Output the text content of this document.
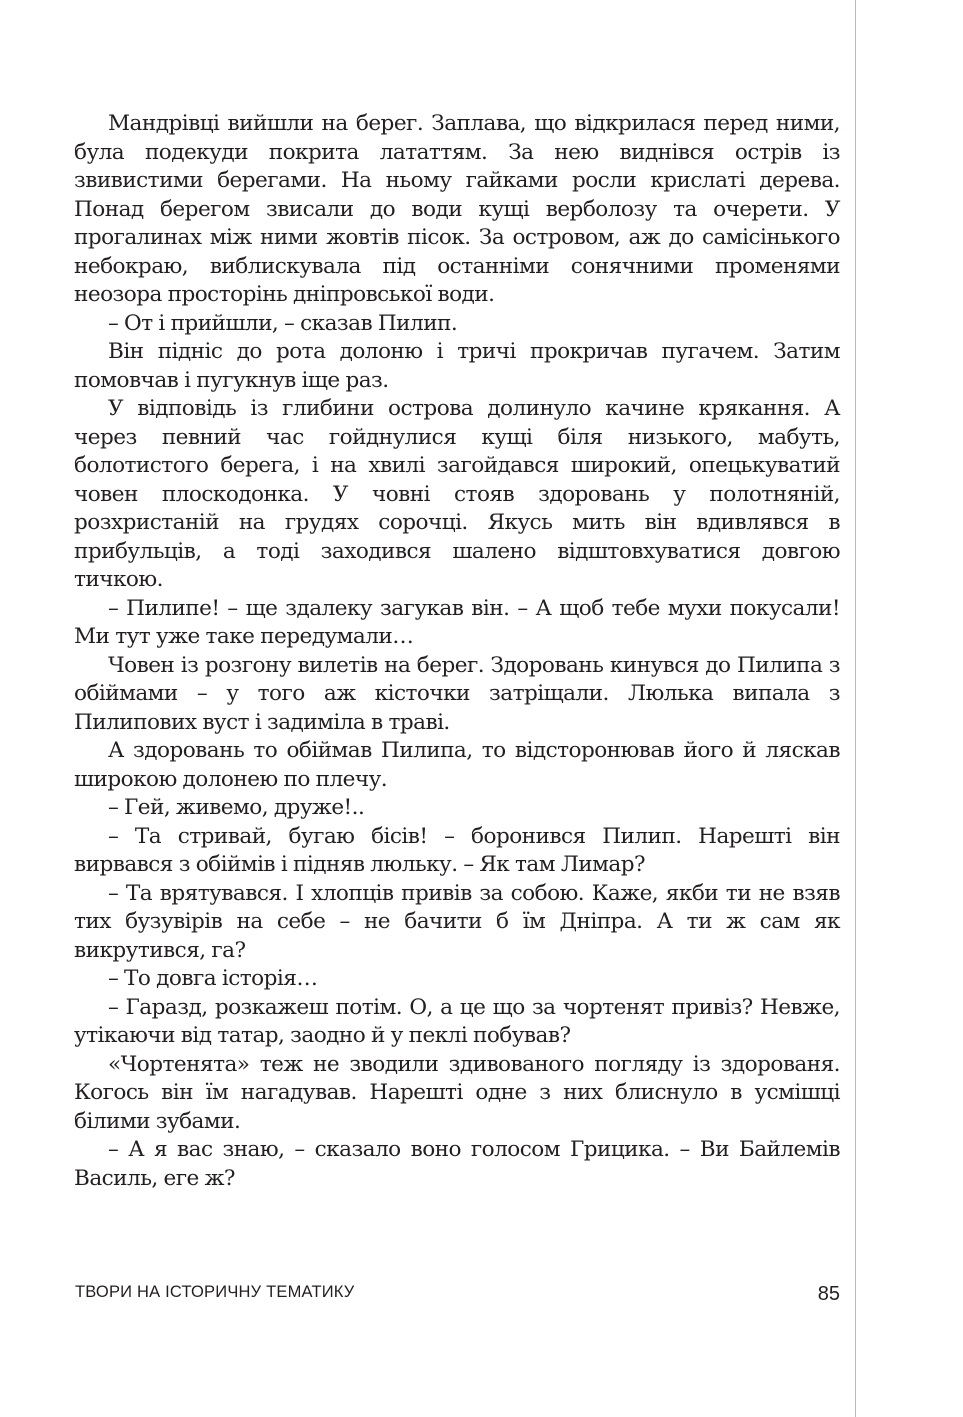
Мандрівці вийшли на берег. Заплава, що відкрилася перед ними, була подекуди покрита лататтям. За нею виднівся острів із звивистими берегами. На ньому гайками росли крислаті дерева. Понад берегом звисали до води кущі верболозу та очерети. У прогалинах між ними жовтів пісок. За островом, аж до самісінького небокраю, виблискувала під останніми сонячними променями неозора просторінь дніпровської води.

– От і прийшли, – сказав Пилип.

Він підніс до рота долоню і тричі прокричав пугачем. Затим помовчав і пугукнув іще раз.

У відповідь із глибини острова долинуло качине крякання. А через певний час гойднулися кущі біля низького, мабуть, болотистого берега, і на хвилі загойдався широкий, опецькуватий човен плоскодонка. У човні стояв здоровань у полотняній, розхристаній на грудях сорочці. Якусь мить він вдивлявся в прибульців, а тоді заходився шалено відштовхуватися довгою тичкою.

– Пилипе! – ще здалеку загукав він. – А щоб тебе мухи покусали! Ми тут уже таке передумали…

Човен із розгону вилетів на берег. Здоровань кинувся до Пилипа з обіймами – у того аж кісточки затріщали. Люлька випала з Пилипових вуст і задиміла в траві.

А здоровань то обіймав Пилипа, то відсторонював його й ляскав широкою долонею по плечу.

– Гей, живемо, друже!..

– Та стривай, бугаю бісів! – боронився Пилип. Нарешті він вирвався з обіймів і підняв люльку. – Як там Лимар?

– Та врятувався. І хлопців привів за собою. Каже, якби ти не взяв тих бузувірів на себе – не бачити б їм Дніпра. А ти ж сам як викрутився, га?

– То довга історія…

– Гаразд, розкажеш потім. О, а це що за чортенят привіз? Невже, утікаючи від татар, заодно й у пеклі побував?

«Чортенята» теж не зводили здивованого погляду із здорованя. Когось він їм нагадував. Нарешті одне з них блиснуло в усмішці білими зубами.

– А я вас знаю, – сказало воно голосом Грицика. – Ви Байлемів Василь, еге ж?

ТВОРИ НА ІСТОРИЧНУ ТЕМАТИКУ	85
